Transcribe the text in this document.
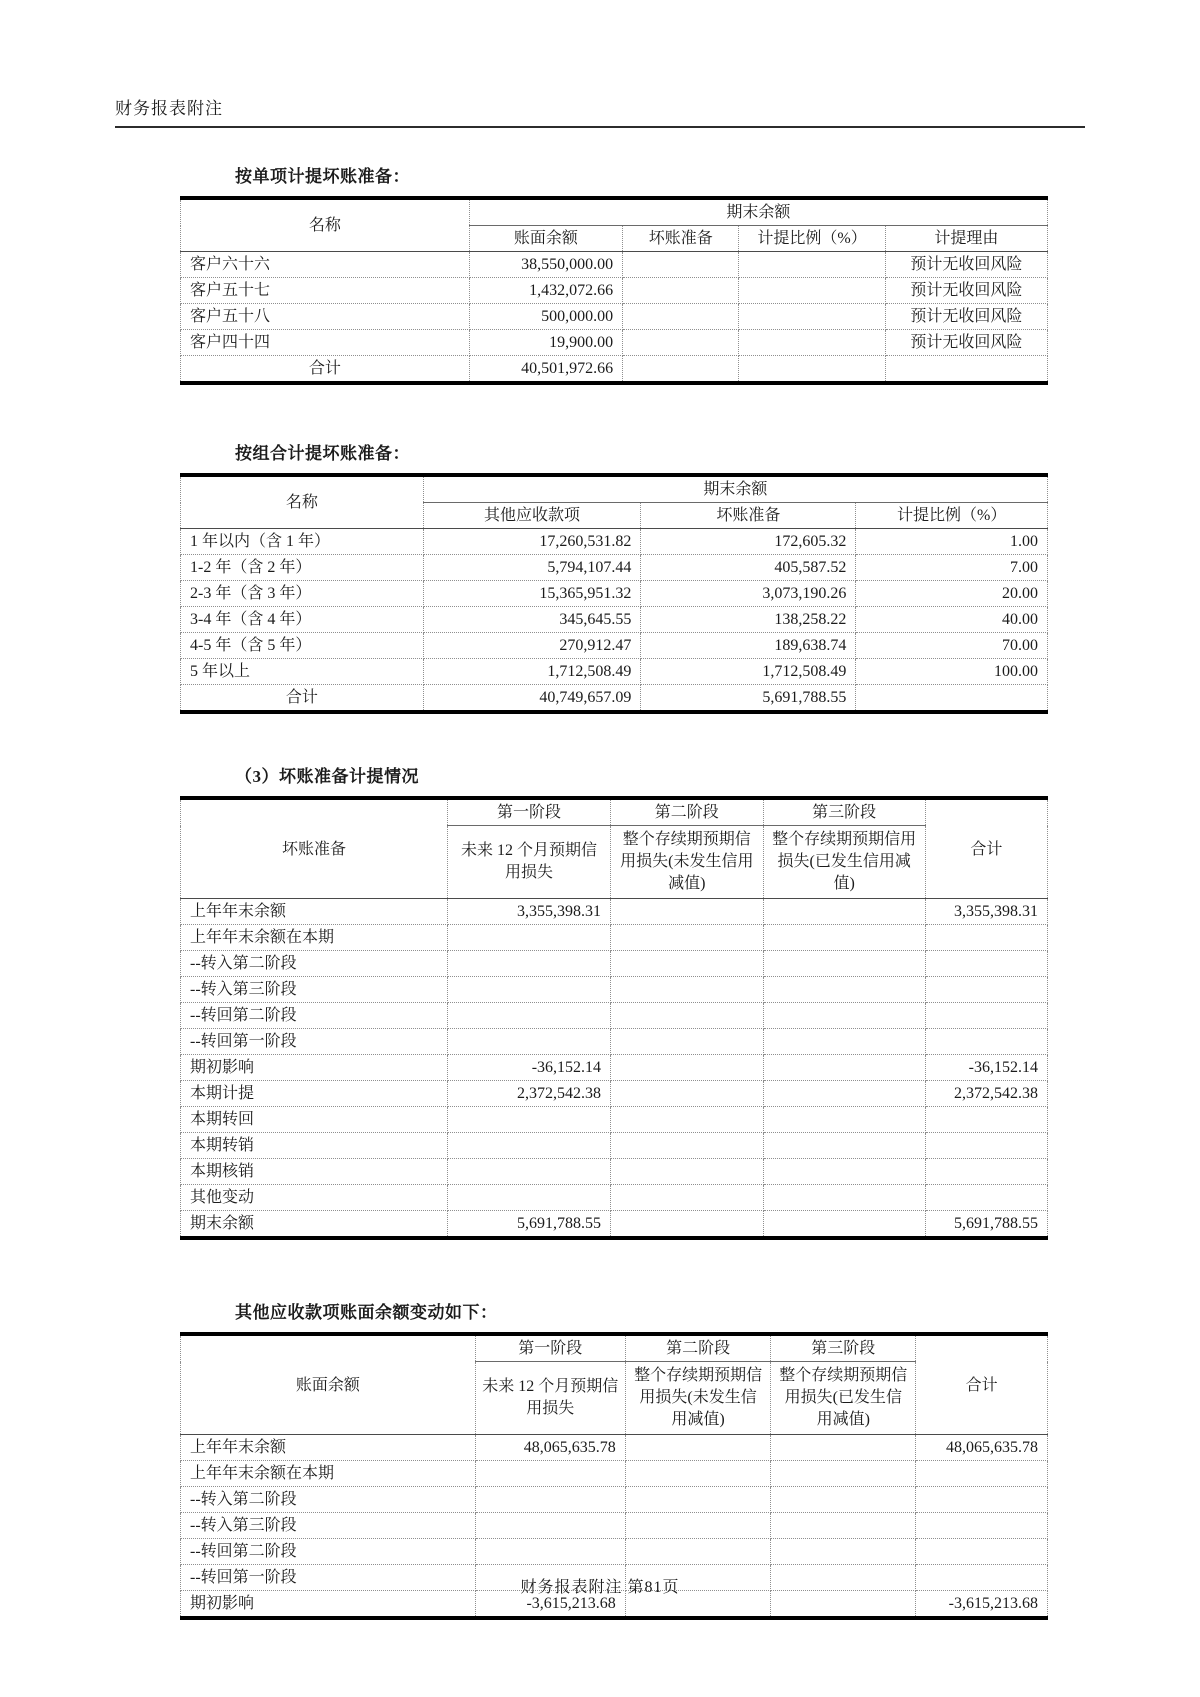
财务报表附注
按单项计提坏账准备：
名称	期末余额			
	账面余额	坏账准备	计提比例（%）	计提理由
客户六十六	38,550,000.00			预计无收回风险
客户五十七	1,432,072.66			预计无收回风险
客户五十八	500,000.00			预计无收回风险
客户四十四	19,900.00			预计无收回风险
合计	40,501,972.66			
按组合计提坏账准备：
名称	期末余额		
	其他应收款项	坏账准备	计提比例（%）
1 年以内（含 1 年）	17,260,531.82	172,605.32	1.00
1-2 年（含 2 年）	5,794,107.44	405,587.52	7.00
2-3 年（含 3 年）	15,365,951.32	3,073,190.26	20.00
3-4 年（含 4 年）	345,645.55	138,258.22	40.00
4-5 年（含 5 年）	270,912.47	189,638.74	70.00
5 年以上	1,712,508.49	1,712,508.49	100.00
合计	40,749,657.09	5,691,788.55	
（3）坏账准备计提情况
坏账准备	第一阶段	第二阶段	第三阶段	合计
	未来 12 个月预期信用损失	整个存续期预期信用损失(未发生信用减值)	整个存续期预期信用损失(已发生信用减值)	
上年年末余额	3,355,398.31			3,355,398.31
上年年末余额在本期				
--转入第二阶段				
--转入第三阶段				
--转回第二阶段				
--转回第一阶段				
期初影响	-36,152.14			-36,152.14
本期计提	2,372,542.38			2,372,542.38
本期转回				
本期转销				
本期核销				
其他变动				
期末余额	5,691,788.55			5,691,788.55
其他应收款项账面余额变动如下：
账面余额	第一阶段	第二阶段	第三阶段	合计
	未来 12 个月预期信用损失	整个存续期预期信用损失(未发生信用减值)	整个存续期预期信用损失(已发生信用减值)	
上年年末余额	48,065,635.78			48,065,635.78
上年年末余额在本期				
--转入第二阶段				
--转入第三阶段				
--转回第二阶段				
--转回第一阶段				
期初影响	-3,615,213.68			-3,615,213.68
财务报表附注 第81页
